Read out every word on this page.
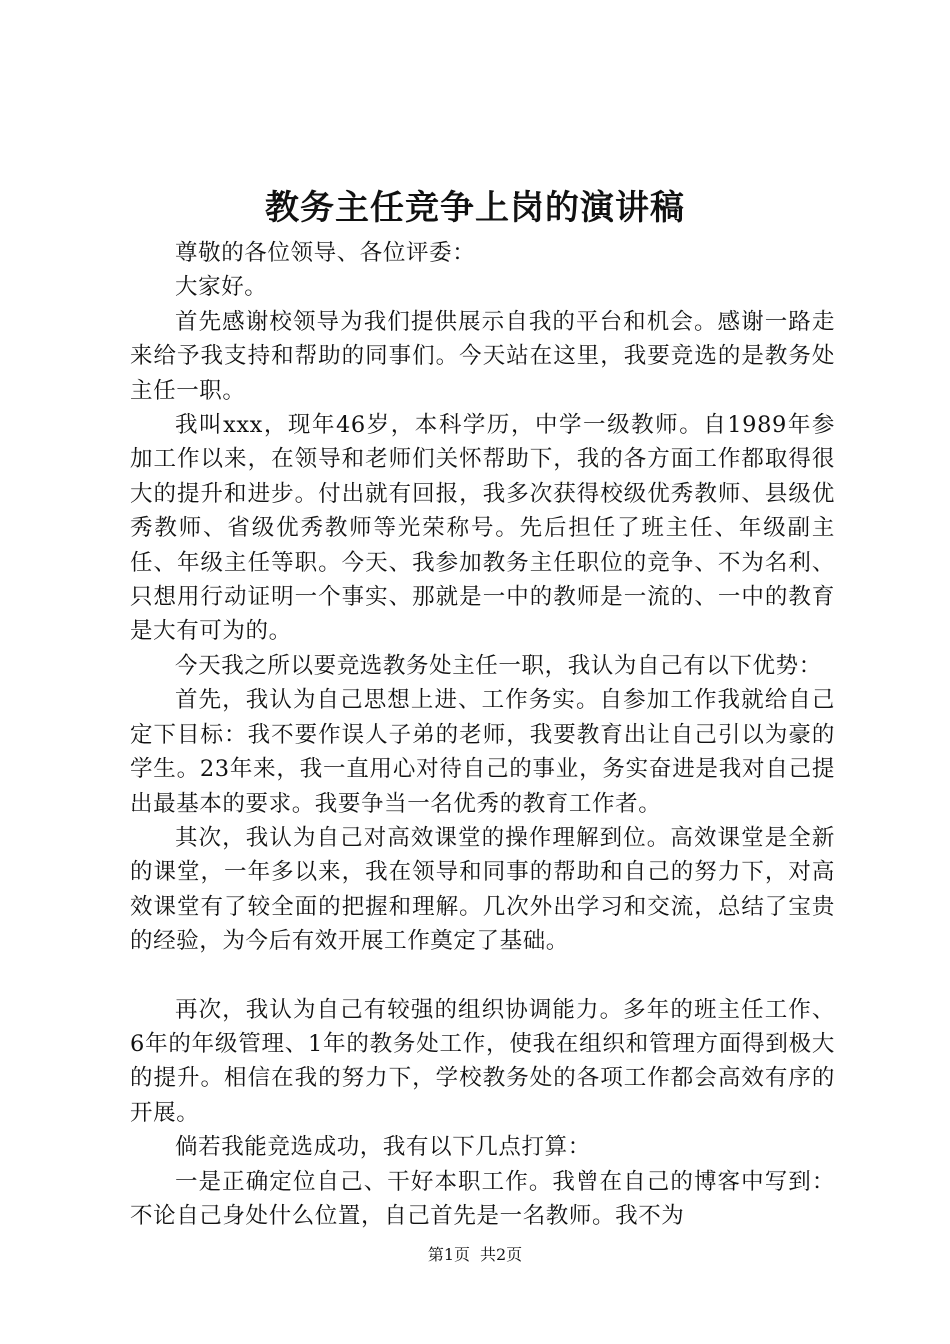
教务主任竞争上岗的演讲稿

尊敬的各位领导、各位评委：

大家好。

首先感谢校领导为我们提供展示自我的平台和机会。感谢一路走来给予我支持和帮助的同事们。今天站在这里，我要竞选的是教务处主任一职。

我叫xxx，现年46岁，本科学历，中学一级教师。自1989年参加工作以来，在领导和老师们关怀帮助下，我的各方面工作都取得很大的提升和进步。付出就有回报，我多次获得校级优秀教师、县级优秀教师、省级优秀教师等光荣称号。先后担任了班主任、年级副主任、年级主任等职。今天、我参加教务主任职位的竞争、不为名利、只想用行动证明一个事实、那就是一中的教师是一流的、一中的教育是大有可为的。

今天我之所以要竞选教务处主任一职，我认为自己有以下优势：

首先，我认为自己思想上进、工作务实。自参加工作我就给自己定下目标：我不要作误人子弟的老师，我要教育出让自己引以为豪的学生。23年来，我一直用心对待自己的事业，务实奋进是我对自己提出最基本的要求。我要争当一名优秀的教育工作者。

其次，我认为自己对高效课堂的操作理解到位。高效课堂是全新的课堂，一年多以来，我在领导和同事的帮助和自己的努力下，对高效课堂有了较全面的把握和理解。几次外出学习和交流，总结了宝贵的经验，为今后有效开展工作奠定了基础。

再次，我认为自己有较强的组织协调能力。多年的班主任工作、6年的年级管理、1年的教务处工作，使我在组织和管理方面得到极大的提升。相信在我的努力下，学校教务处的各项工作都会高效有序的开展。

倘若我能竞选成功，我有以下几点打算：

一是正确定位自己、干好本职工作。我曾在自己的博客中写到：不论自己身处什么位置，自己首先是一名教师。我不为

第1页 共2页
